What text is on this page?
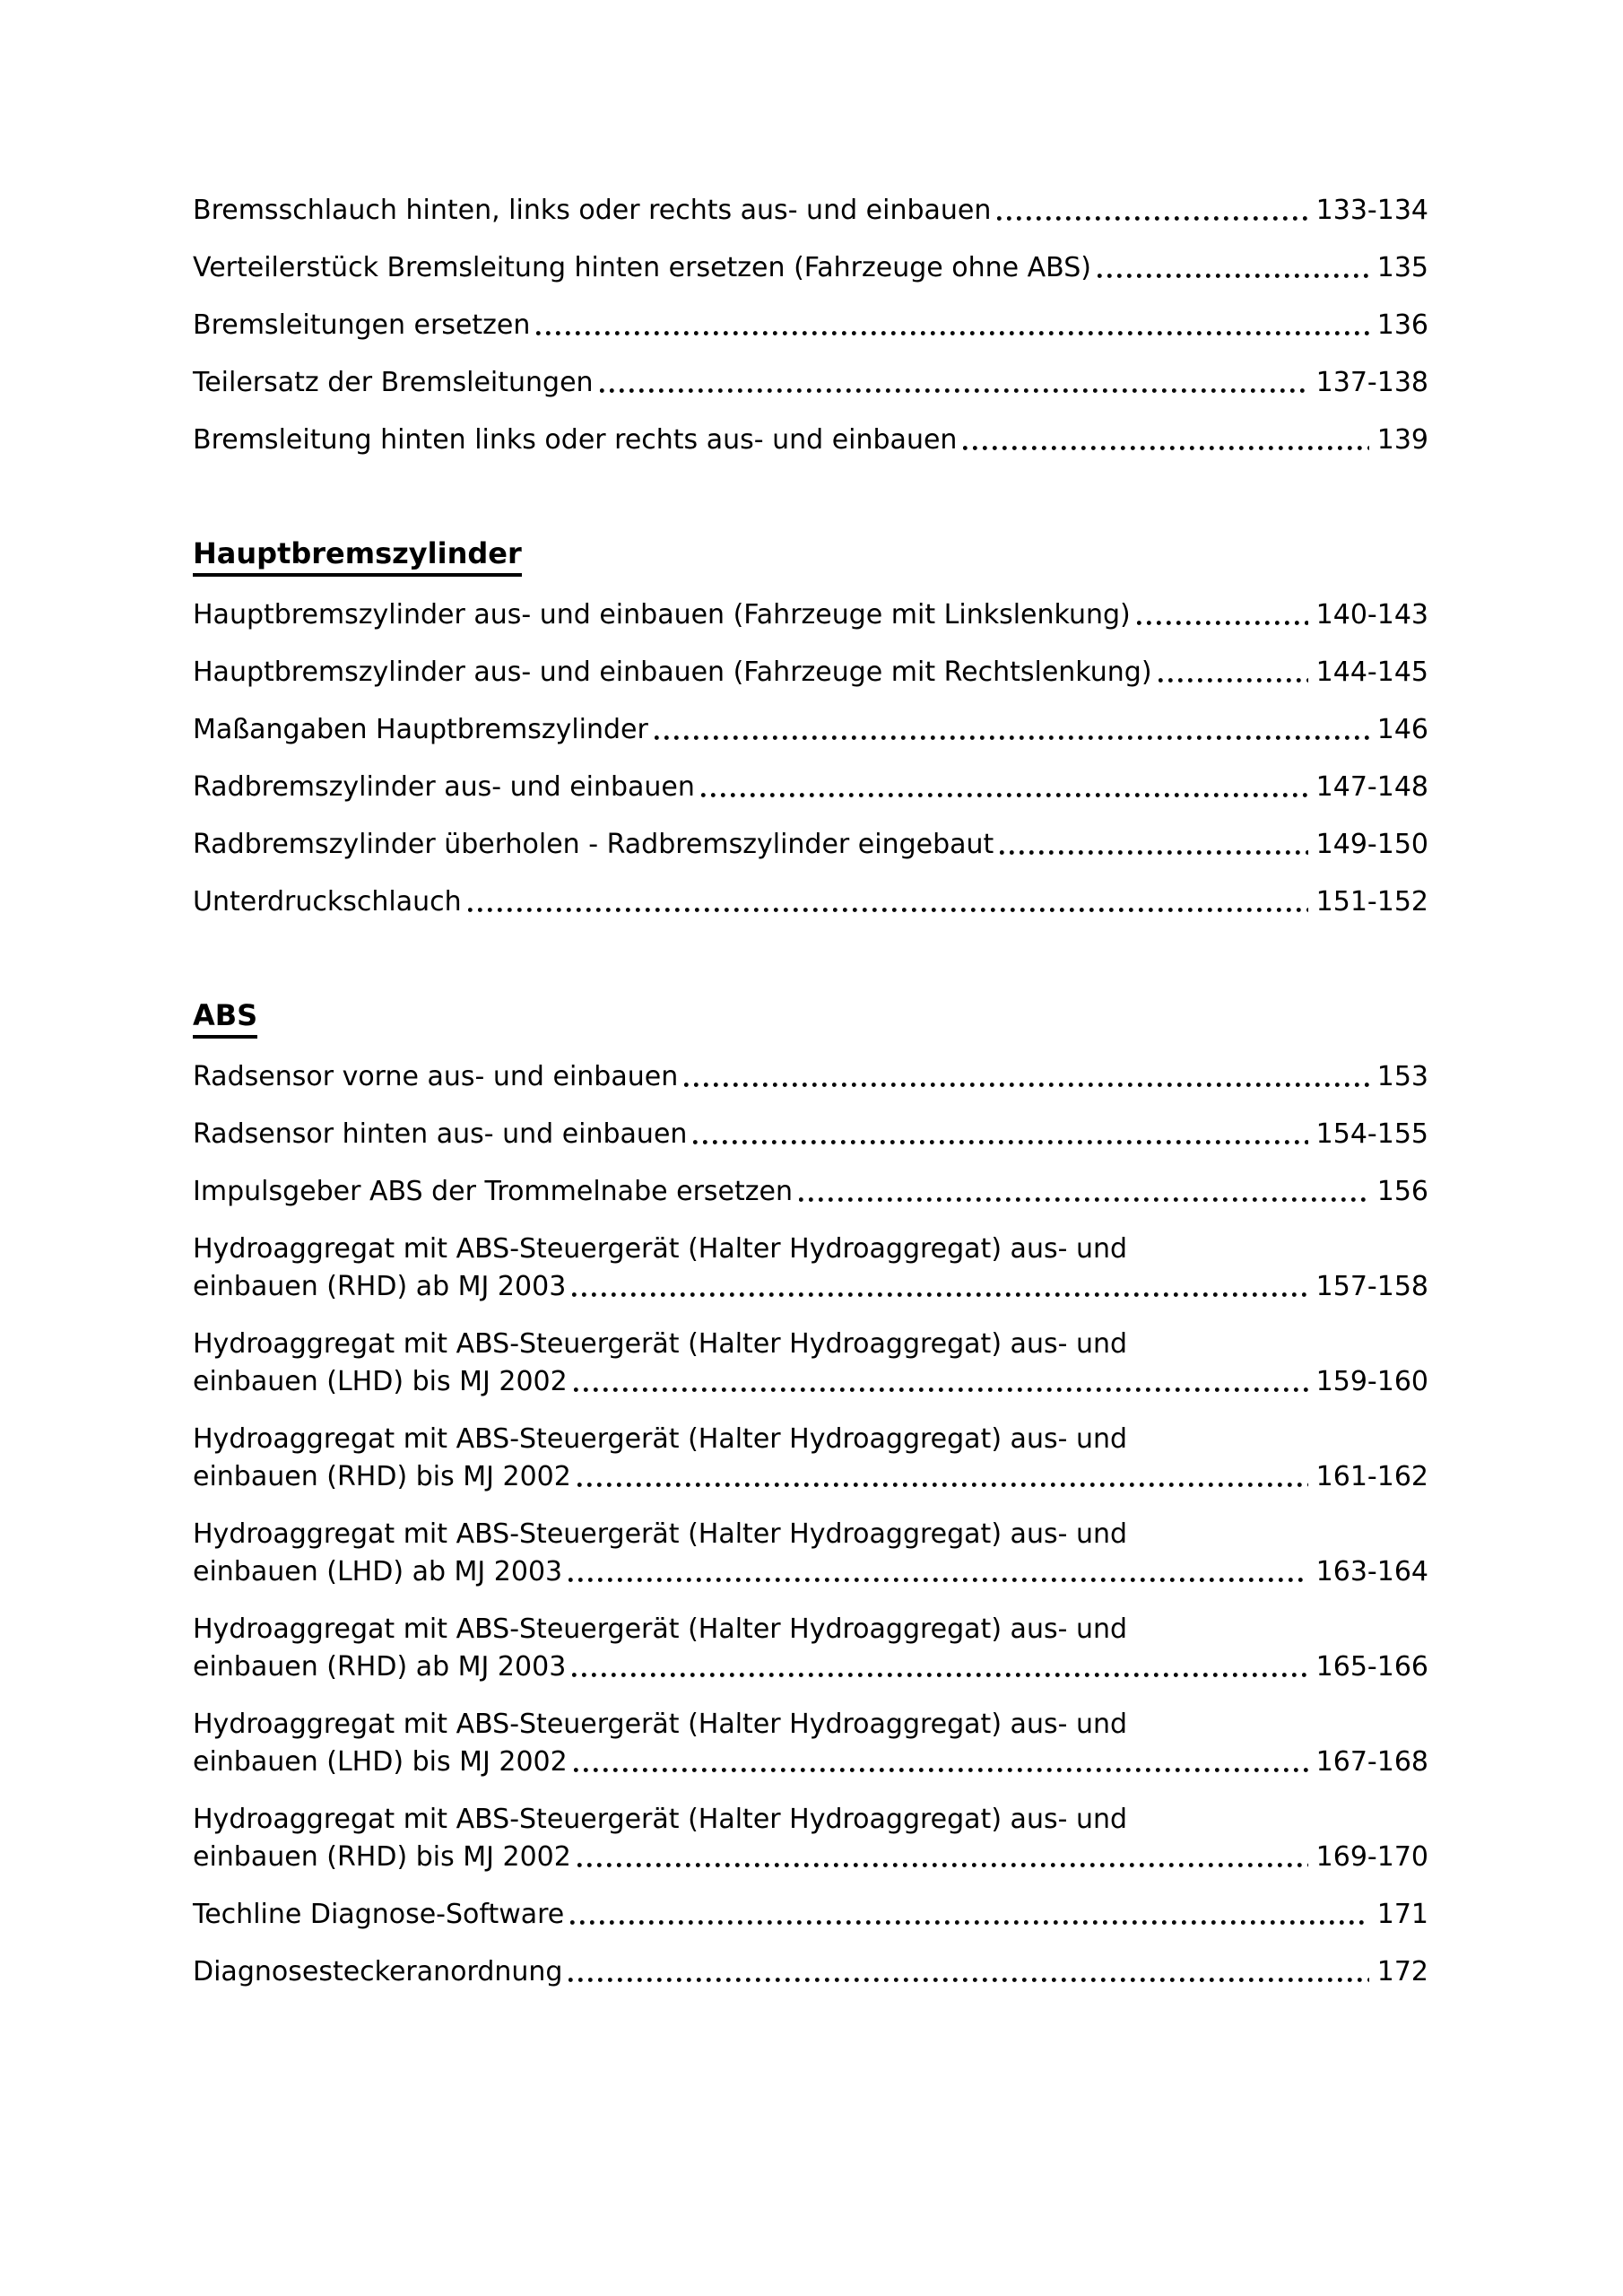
Bremsschlauch hinten, links oder rechts aus- und einbauen	133-134
Verteilerstück Bremsleitung hinten ersetzen (Fahrzeuge ohne ABS)	135
Bremsleitungen ersetzen	136
Teilersatz der Bremsleitungen	137-138
Bremsleitung hinten links oder rechts aus- und einbauen	139
Hauptbremszylinder
Hauptbremszylinder aus- und einbauen (Fahrzeuge mit Linkslenkung)	140-143
Hauptbremszylinder aus- und einbauen (Fahrzeuge mit Rechtslenkung)	144-145
Maßangaben Hauptbremszylinder	146
Radbremszylinder aus- und einbauen	147-148
Radbremszylinder überholen - Radbremszylinder eingebaut	149-150
Unterdruckschlauch	151-152
ABS
Radsensor vorne aus- und einbauen	153
Radsensor hinten aus- und einbauen	154-155
Impulsgeber ABS der Trommelnabe ersetzen	156
Hydroaggregat mit ABS-Steuergerät (Halter Hydroaggregat) aus- und
einbauen (RHD) ab MJ 2003	157-158
Hydroaggregat mit ABS-Steuergerät (Halter Hydroaggregat) aus- und
einbauen (LHD) bis MJ 2002	159-160
Hydroaggregat mit ABS-Steuergerät (Halter Hydroaggregat) aus- und
einbauen (RHD) bis MJ 2002	161-162
Hydroaggregat mit ABS-Steuergerät (Halter Hydroaggregat) aus- und
einbauen (LHD) ab MJ 2003	163-164
Hydroaggregat mit ABS-Steuergerät (Halter Hydroaggregat) aus- und
einbauen (RHD) ab MJ 2003	165-166
Hydroaggregat mit ABS-Steuergerät (Halter Hydroaggregat) aus- und
einbauen (LHD) bis MJ 2002	167-168
Hydroaggregat mit ABS-Steuergerät (Halter Hydroaggregat) aus- und
einbauen (RHD) bis MJ 2002	169-170
Techline Diagnose-Software	171
Diagnosesteckeranordnung	172
